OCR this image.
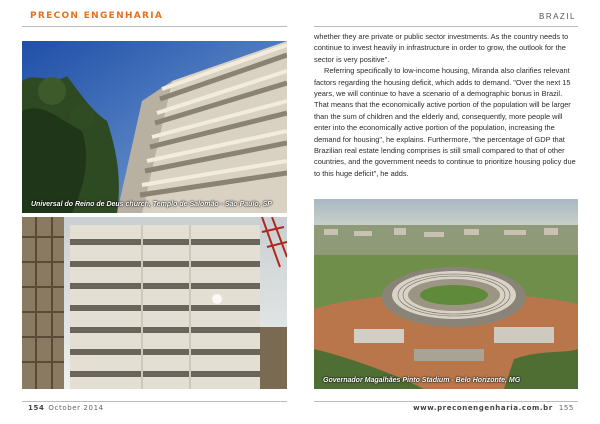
PRECON ENGENHARIA	BRAZIL
Universal do Reino de Deus church, Templo de Salomão - São Paulo, SP

whether they are private or public sector investments. As the country needs to continue to invest heavily in infrastructure in order to grow, the outlook for the sector is very positive".

Referring specifically to low-income housing, Miranda also clarifies relevant factors regarding the housing deficit, which adds to demand. "Over the next 15 years, we will continue to have a scenario of a demographic bonus in Brazil. That means that the economically active portion of the population will be larger than the sum of children and the elderly and, consequently, more people will enter into the economically active portion of the population, increasing the demand for housing", he explains. Furthermore, "the percentage of GDP that Brazilian real estate lending comprises is still small compared to that of other countries, and the government needs to continue to prioritize housing policy due to this huge deficit", he adds.

Governador Magalhães Pinto Stadium - Belo Horizonte, MG
154 October 2014	www.preconengenharia.com.br 155
